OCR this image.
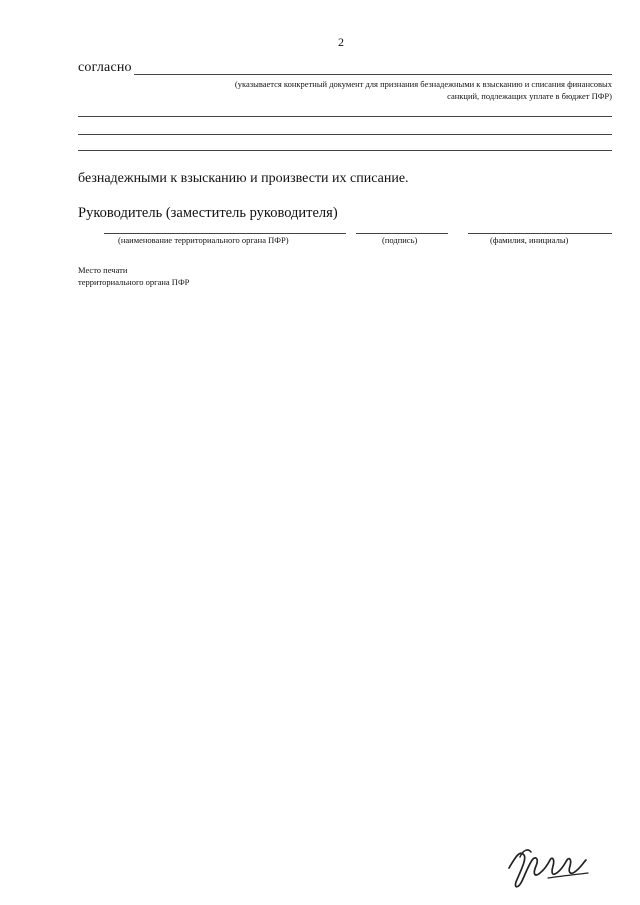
2
согласно
(указывается конкретный документ для признания безнадежными к взысканию и списания финансовых
санкций, подлежащих уплате в бюджет ПФР)
безнадежными к взысканию и произвести их списание.
Руководитель (заместитель руководителя)
(наименование территориального органа ПФР)	(подпись)	(фамилия, инициалы)
Место печати
территориального органа ПФР
